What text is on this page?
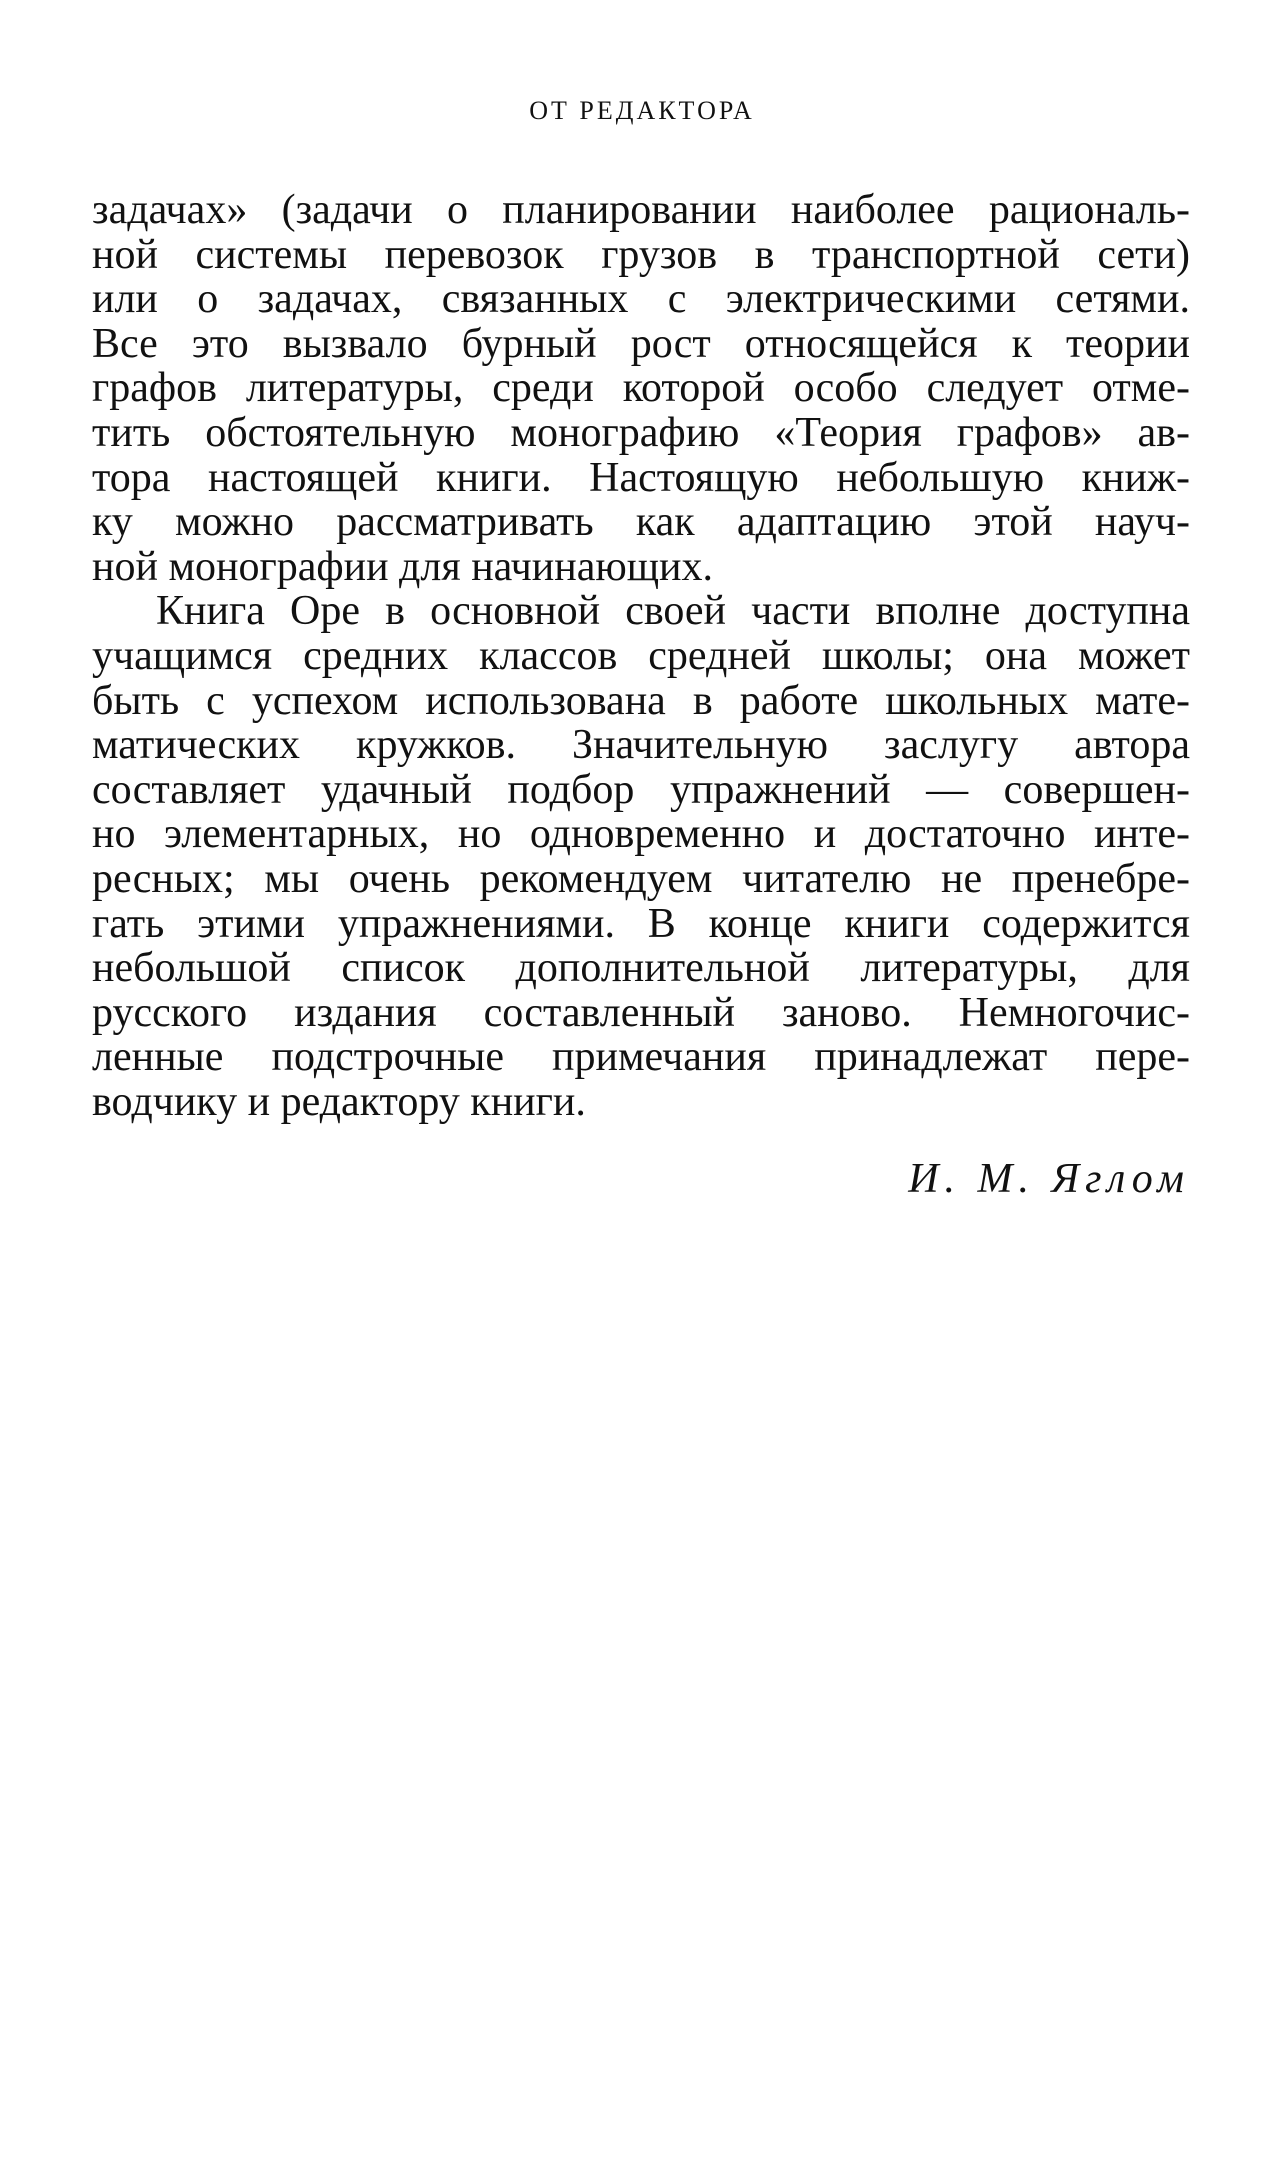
ОТ РЕДАКТОРА
задачах» (задачи о планировании наиболее рациональ-
ной системы перевозок грузов в транспортной сети)
или о задачах, связанных с электрическими сетями.
Все это вызвало бурный рост относящейся к теории
графов литературы, среди которой особо следует отме-
тить обстоятельную монографию «Теория графов» ав-
тора настоящей книги. Настоящую небольшую книж-
ку можно рассматривать как адаптацию этой науч-
ной монографии для начинающих.
Книга Оре в основной своей части вполне доступна
учащимся средних классов средней школы; она может
быть с успехом использована в работе школьных мате-
матических кружков. Значительную заслугу автора
составляет удачный подбор упражнений — совершен-
но элементарных, но одновременно и достаточно инте-
ресных; мы очень рекомендуем читателю не пренебре-
гать этими упражнениями. В конце книги содержится
небольшой список дополнительной литературы, для
русского издания составленный заново. Немногочис-
ленные подстрочные примечания принадлежат пере-
водчику и редактору книги.
И. М. Яглом
